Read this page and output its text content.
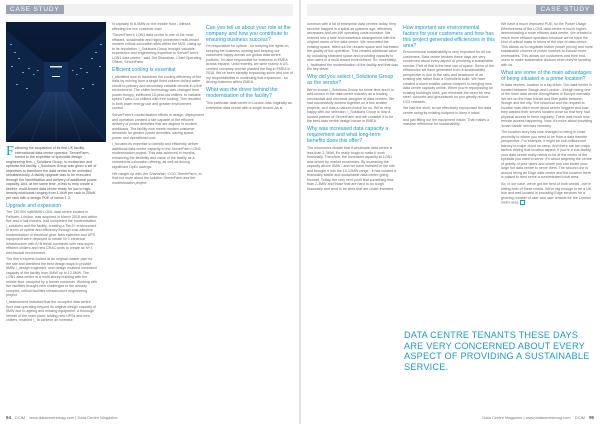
CASE STUDY

Following the acquisition of its first UK facility, international data centre operator, ServerFarm, turned to the expertise of specialist design engineering firm, i_Solutions Group, to modernise and optimise the facility. i_Solutions Group was given a set of objectives to transform the data centre to be unlimited simultaneously. A facility upgrade was to be executed through the identification and delivery of additional power capacity. And, at the same time, a less to help create a flexible, multi-tenant data centre ready for low to high-density workloads ranging from 1-4kW per rack to 20kW per rack with a design PUE of below 1.3.

Upgrade and expansion

The 130,000 sqft/5MW LON1 data centre located in Feltham, London, was acquired in March 2018 and within five and a half months, had completed the modernisation. i_solutions and the facility, creating a Tier3+ environment in terms of uptime and efficiency through cost-effective modernisation of electrical gear. New switches and UPS equipment were deployed to create N+1 electrical infrastructure with A+B feeds combined with new super-efficient chillers and new CRAC units to create an N+1 mechanical environment.

The firm's experts looked at an original master plan for the site and identified the best design ways to provide 6MW. i_design engineers' new design enabled increased capacity of the facility from 5MW up to 12.5MW. The LON1 data centre is a multi-storey building with the middle floor occupied by a former customer. Working with live facilities brought new challenges to the already complex, critical facilities infrastructure engineering project.

i_assessment indicated that the occupied data centre floor was operating beyond its original design capacity of 5MW due to ageing and missing equipment. A thorough refresh of the main plant, adding new UPSs and new chillers, enabled i_ to achieve an increase

in capacity to 8.5MW on the middle floor - without affecting the live customer load.

"ServerFarm's LON1 data centre is one of the most efficient, sustainable and highly connected multi-tenant modern critical colocation sites within the M25. Using up to its reputation, i_Solutions Group brought valuable experience and engineering expertise to ServerFarm's LON1 data centre," said Jim Shanahan, Chief Operating Officer, ServerFarm.

Efficient cooling is essential

i_identified how to transform the cooling efficiency of the halls by moving from a single fixed volume chilled water circuit to primary and secondary variable circuits in a live environment. The chiller technology was changed from power-hungry, inefficient 15-year-old chillers, to variable speed Turbo-Cor chillers with free cooling. This resulted in both lower energy use and greater environment control.

ServerFarm's modernisation efforts in design, deployment and operation created a site capable of the efficient delivery of power densities that are aligned to modern workloads. The facility now meets modern customer demands for greater power densities, saving space, power and operational cost.

i_focused its expertise to identify and efficiently deliver additional data centre capacity to the ServerFarm LON1 modernisation project. This was achieved in months, enhancing the flexibility and value of the facility as a commercial colocation offering, as well as driving significant OpEx savings.

We caught up with Jim Shanahan, COO, ServerFarm, to find out more about the solution ServerFarm and the modernisation project.

Can you tell us about your role at the company and how you contribute to ensuring business success?

I'm responsible for uptime - for keeping the lights on, keeping the business running and keeping our customers happy across our global data centre portfolio. I'm also responsible for business in EMEA across expand. Until recently, we were mainly a US-centred company and we planted the flag in EMEA in 2018. We've been steadily expanding since and one of my responsibilities is continuing that expansion - so driving business within EMEA.

What was the driver behind the modernisation of the facility?

This particular data centre in London was originally an enterprise data centre with a single tenant. As is

94 DCIM www.datacentremag.com | Data Centre Magazine
CASE STUDY

common with a lot of enterprise data centres today, they become trapped in a spiral as systems age, efficiency decreases and per-kW operating costs increase. We entered into a sale and leaseback arrangement with the original owner of the data centre. We renovated the existing space, fitted out the unused space and increased the quality of the operation. This created additional value by unlocking stranded space and providing capacity to new users in a multi-tenant environment. So, essentially, i_ facilitated the modernisation of the facility and that was the key driver.

Why did you select i_Solutions Group as the vendor?

We've known i_Solutions Group for some time and it is well-known in the data centre industry as a leading mechanical and electrical designer of data centres. We had successfully worked together on a few smaller projects, so it was a natural choice for us. We're very happy with our selection. i_Solutions Group is now a trusted partner of ServerFarm and we consider it to be the best data centre design house in EMEA.

Why was increased data capacity a requirement and what long-term benefits does this offer?

The economics dictate that if wholesale data centre is less than 2-3MW, it's really tough to make it work financially. Therefore, the increased capacity at LON1 was driven by market economics. By increasing the capacity above 5MW - and we have invested in the site and brought it into the 10-12MW range - it has created a financially stable and sustainable data centre going forward. Today, the very next you'll find something less than 2-3MW and those that are hard to do tough financially and tend to be sites that are under-invested.

How important are environmental factors for your customers and how has this project generated efficiencies in this area?

Environmental sustainability is very important for all our customers. Data centre tenants these days are very concerned about every aspect of providing a sustainable service. Part of that is the best use of space. Some of the efficiencies we have generated from a sustainability perspective is due to the ratio and headroom of an existing site rather than a Greenfield build. We have created a much smaller carbon footprint to bringing new data centre capacity online. When you're repurposing an existing building's shell, you eliminate the need for new steel, concrete and groundwork so you greatly reduce CO2 releases.

We had the shell, so we effectively repurposed the data centre using its existing footprint to keep it intact

and just fitting out the equipment inside. That makes a massive difference for sustainability.

We have a much improved PUE, so the Power Usage Effectiveness of the LON1 data centre is much higher, demonstrating a more efficient data centre. We created a much more efficient operation because we've hired the kind of critical mass in terms of the size of data centre. This allows us to negotiate leaner power pricing and more sustainable choices of power sources to include more renewables. This allows our customers and their end-users to make sustainable choices when they're locating with us.

What are some of the main advantages of being situated in a prime location?

In data centres, location is a big driver. Our data centre is located between Slough and London - though being one of the main data centre throughfares in Europe normally. We are on the main transit and fibre paths between Slough and the city. The historical and the request to location was often more about server huggers and how they wanted their servers located close so that they had physical access to them regularly. There was much less remote access happening. Now, it's more about providing 'smart hands' services remotely.

The location story has now changed to being in close proximity to where you need to be from a data transfer perspective. For example, it might be sub-millisecond latency to major cloud on-ramp. And there are two major factors driving that location aspect; if you're a sub-facility, your data centre really needs to be at the centre of the eyeballs you want to serve. It's about targeting the centre of gravity of your users and where you can locate your large hot data centre to serve them. The second one is around being an Edge data centre and the location there is poised to best serve a concentrated local area.

So, in our case, we've got the best of both worlds - we're hitting both of these needs. We're big enough to be a UK hub and well-located in providing Edge services for a growing number of user and user tenants for the London metro area.

DATA CENTRE TENANTS THESE DAYS ARE VERY CONCERNED ABOUT EVERY ASPECT OF PROVIDING A SUSTAINABLE SERVICE.
Data Centre Magazine | www.datacentremag.com DCIM 95
